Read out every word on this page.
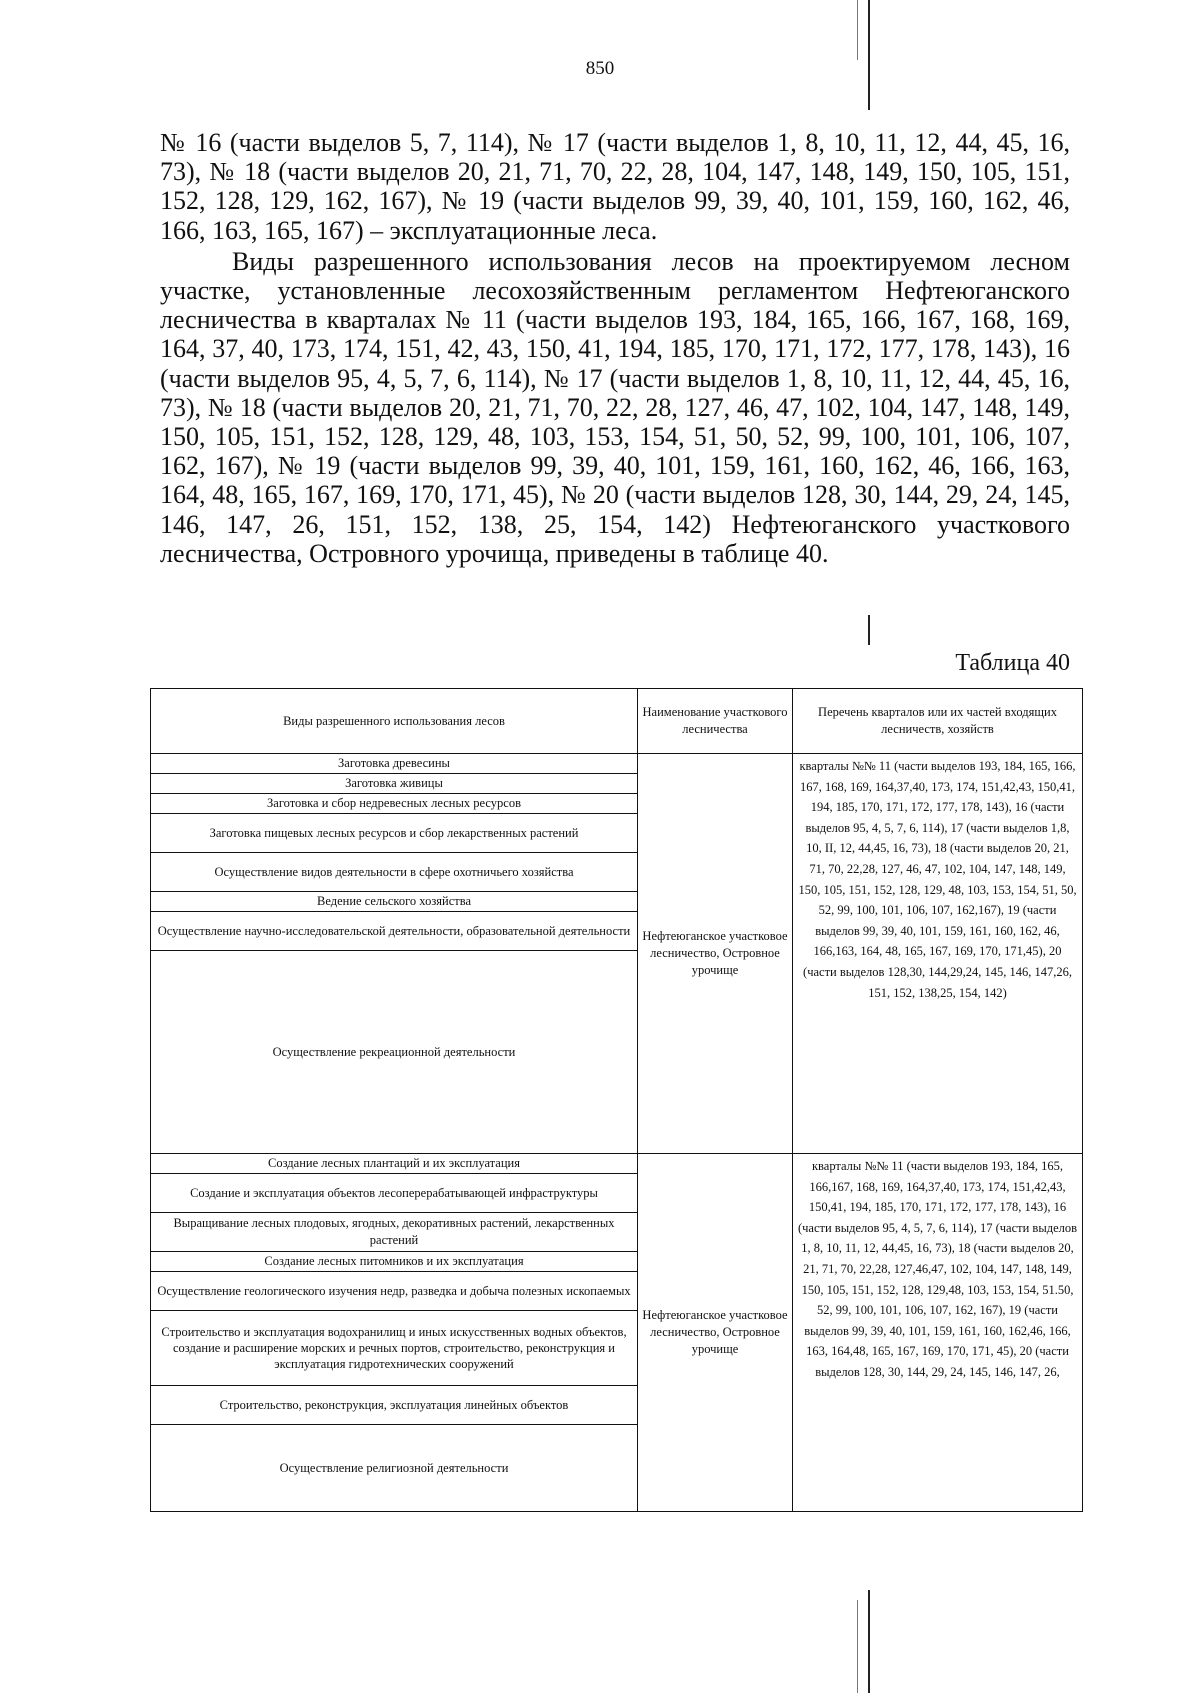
850

№ 16 (части выделов 5, 7, 114), № 17 (части выделов 1, 8, 10, 11, 12, 44, 45, 16, 73), № 18 (части выделов 20, 21, 71, 70, 22, 28, 104, 147, 148, 149, 150, 105, 151, 152, 128, 129, 162, 167), № 19 (части выделов 99, 39, 40, 101, 159, 160, 162, 46, 166, 163, 165, 167) – эксплуатационные леса.

Виды разрешенного использования лесов на проектируемом лесном участке, установленные лесохозяйственным регламентом Нефтеюганского лесничества в кварталах № 11 (части выделов 193, 184, 165, 166, 167, 168, 169, 164, 37, 40, 173, 174, 151, 42, 43, 150, 41, 194, 185, 170, 171, 172, 177, 178, 143), 16 (части выделов 95, 4, 5, 7, 6, 114), № 17 (части выделов 1, 8, 10, 11, 12, 44, 45, 16, 73), № 18 (части выделов 20, 21, 71, 70, 22, 28, 127, 46, 47, 102, 104, 147, 148, 149, 150, 105, 151, 152, 128, 129, 48, 103, 153, 154, 51, 50, 52, 99, 100, 101, 106, 107, 162, 167), № 19 (части выделов 99, 39, 40, 101, 159, 161, 160, 162, 46, 166, 163, 164, 48, 165, 167, 169, 170, 171, 45), № 20 (части выделов 128, 30, 144, 29, 24, 145, 146, 147, 26, 151, 152, 138, 25, 154, 142) Нефтеюганского участкового лесничества, Островного урочища, приведены в таблице 40.

Таблица 40
Виды разрешенного использования лесов	Наименование участкового лесничества	Перечень кварталов или их частей входящих лесничеств, хозяйств
Заготовка древесины	Нефтеюганское участковое лесничество, Островное урочище	кварталы №№ 11 (части выделов 193, 184, 165, 166, 167, 168, 169, 164,37,40, 173, 174, 151,42,43, 150,41, 194, 185, 170, 171, 172, 177, 178, 143), 16 (части выделов 95, 4, 5, 7, 6, 114), 17 (части выделов 1,8, 10, II, 12, 44,45, 16, 73), 18 (части выделов 20, 21, 71, 70, 22,28, 127, 46, 47, 102, 104, 147, 148, 149, 150, 105, 151, 152, 128, 129, 48, 103, 153, 154, 51, 50, 52, 99, 100, 101, 106, 107, 162,167), 19 (части выделов 99, 39, 40, 101, 159, 161, 160, 162, 46, 166,163, 164, 48, 165, 167, 169, 170, 171,45), 20 (части выделов 128,30, 144,29,24, 145, 146, 147,26, 151, 152, 138,25, 154, 142)
Заготовка живицы		
Заготовка и сбор недревесных лесных ресурсов		
Заготовка пищевых лесных ресурсов и сбор лекарственных растений		
Осуществление видов деятельности в сфере охотничьего хозяйства		
Ведение сельского хозяйства		
Осуществление научно-исследовательской деятельности, образовательной деятельности		
Осуществление рекреационной деятельности		
Создание лесных плантаций и их эксплуатация	Нефтеюганское участковое лесничество, Островное урочище	кварталы №№ 11 (части выделов 193, 184, 165, 166,167, 168, 169, 164,37,40, 173, 174, 151,42,43, 150,41, 194, 185, 170, 171, 172, 177, 178, 143), 16 (части выделов 95, 4, 5, 7, 6, 114), 17 (части выделов 1, 8, 10, 11, 12, 44,45, 16, 73), 18 (части выделов 20, 21, 71, 70, 22,28, 127,46,47, 102, 104, 147, 148, 149, 150, 105, 151, 152, 128, 129,48, 103, 153, 154, 51.50, 52, 99, 100, 101, 106, 107, 162, 167), 19 (части выделов 99, 39, 40, 101, 159, 161, 160, 162,46, 166, 163, 164,48, 165, 167, 169, 170, 171, 45), 20 (части выделов 128, 30, 144, 29, 24, 145, 146, 147, 26,
Создание и эксплуатация объектов лесоперерабатывающей инфраструктуры		
Выращивание лесных плодовых, ягодных, декоративных растений, лекарственных растений		
Создание лесных питомников и их эксплуатация		
Осуществление геологического изучения недр, разведка и добыча полезных ископаемых		
Строительство и эксплуатация водохранилищ и иных искусственных водных объектов, создание и расширение морских и речных портов, строительство, реконструкция и эксплуатация гидротехнических сооружений		
Строительство, реконструкция, эксплуатация линейных объектов		
Осуществление религиозной деятельности		
